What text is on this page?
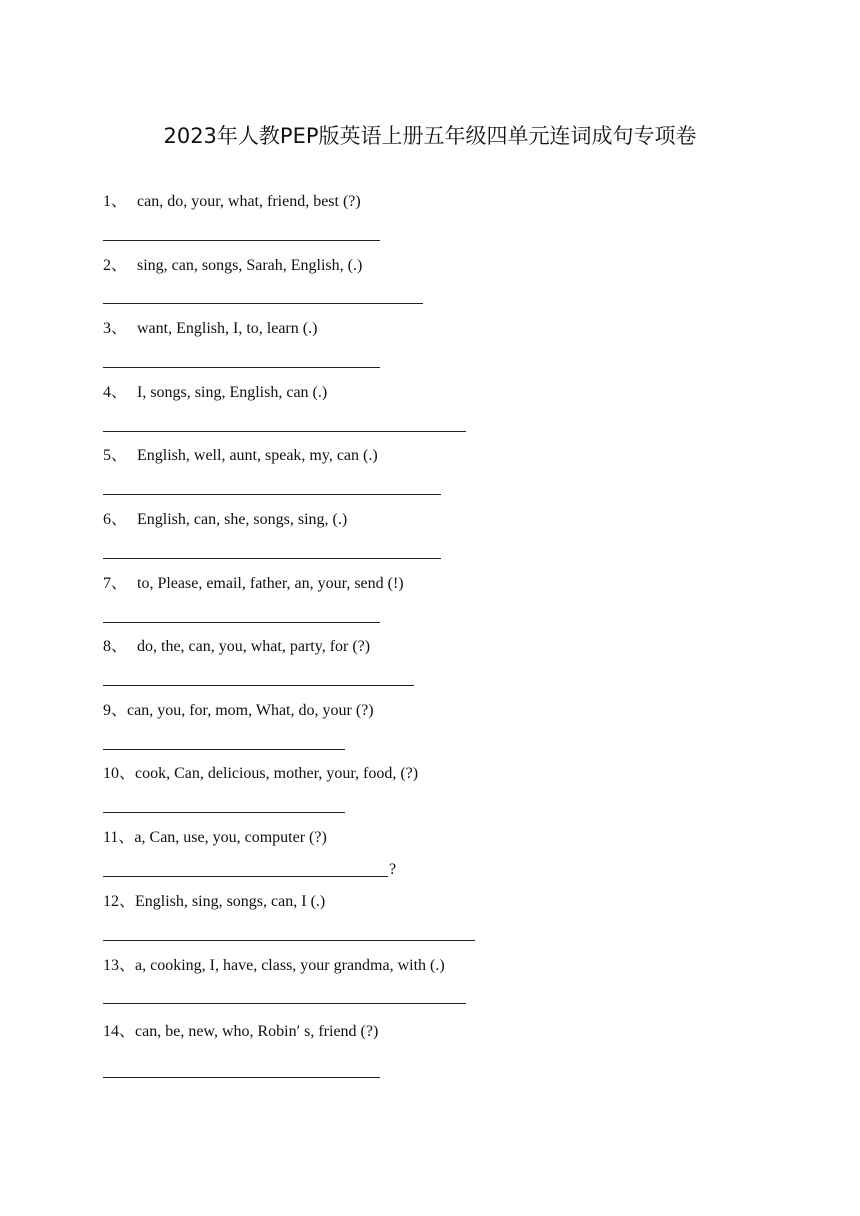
2023年人教PEP版英语上册五年级四单元连词成句专项卷
1、 can, do, your, what, friend, best (?)
2、 sing, can, songs, Sarah, English, (.)
3、 want, English, I, to, learn (.)
4、 I, songs, sing, English, can (.)
5、 English, well, aunt, speak, my, can (.)
6、 English, can, she, songs, sing, (.)
7、 to, Please, email, father, an, your, send (!)
8、 do, the, can, you, what, party, for (?)
9、can, you, for, mom, What, do, your (?)
10、cook, Can, delicious, mother, your, food, (?)
11、a, Can, use, you, computer (?)
?
12、English, sing, songs, can, I (.)
13、a, cooking, I, have, class, your grandma, with (.)
14、can, be, new, who, Robin′ s, friend (?)
